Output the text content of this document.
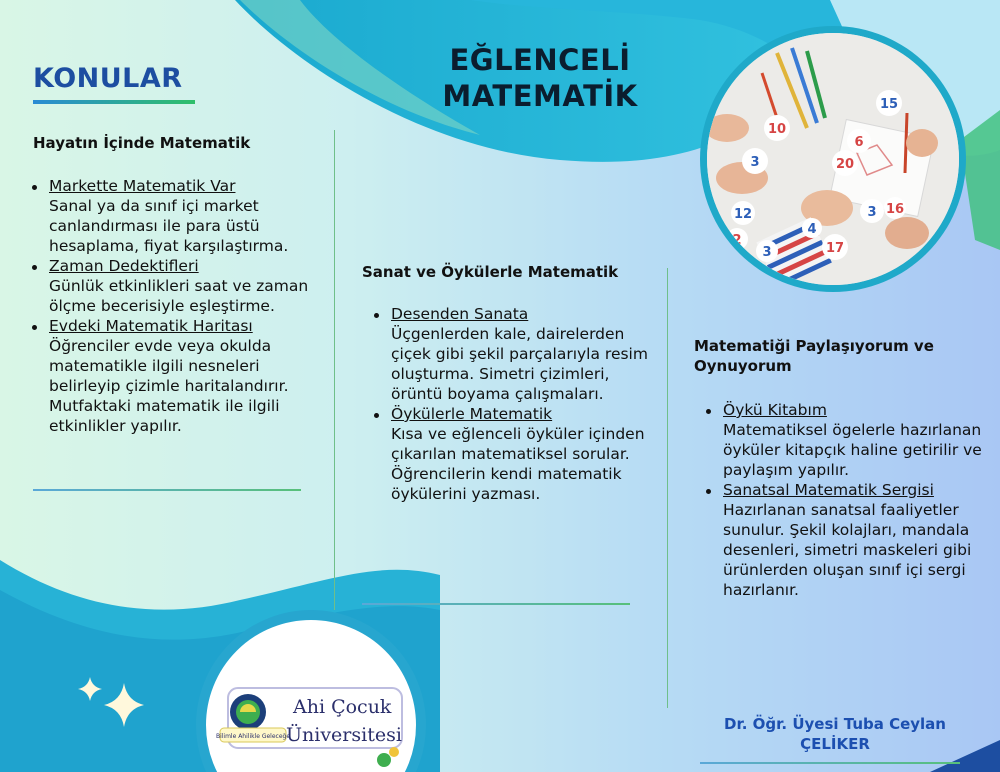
EĞLENCELİ
MATEMATİK
KONULAR
Hayatın İçinde Matematik
Markette Matematik Var
Sanal ya da sınıf içi market canlandırması ile para üstü hesaplama, fiyat karşılaştırma.
Zaman Dedektifleri
Günlük etkinlikleri saat ve zaman ölçme becerisiyle eşleştirme.
Evdeki Matematik Haritası
Öğrenciler evde veya okulda matematikle ilgili nesneleri belirleyip çizimle haritalandırır. Mutfaktaki matematik ile ilgili etkinlikler yapılır.
Sanat ve Öykülerle Matematik
Desenden Sanata
Üçgenlerden kale, dairelerden çiçek gibi şekil parçalarıyla resim oluşturma. Simetri çizimleri, örüntü boyama çalışmaları.
Öykülerle Matematik
Kısa ve eğlenceli öyküler içinden çıkarılan matematiksel sorular. Öğrencilerin kendi matematik öykülerini yazması.
Matematiği Paylaşıyorum ve Oynuyorum
Öykü Kitabım
Matematiksel ögelerle hazırlanan öyküler kitapçık haline getirilir ve paylaşım yapılır.
Sanatsal Matematik Sergisi
Hazırlanan sanatsal faaliyetler sunulur. Şekil kolajları, mandala desenleri, simetri maskeleri gibi ürünlerden oluşan sınıf içi sergi hazırlanır.
15
10
3	20
6
3
12
17
2
16
3
4
Bilimle Ahilikle Geleceğe
Ahi Çocuk
Üniversitesi	Dr. Öğr. Üyesi Tuba Ceylan
ÇELİKER
